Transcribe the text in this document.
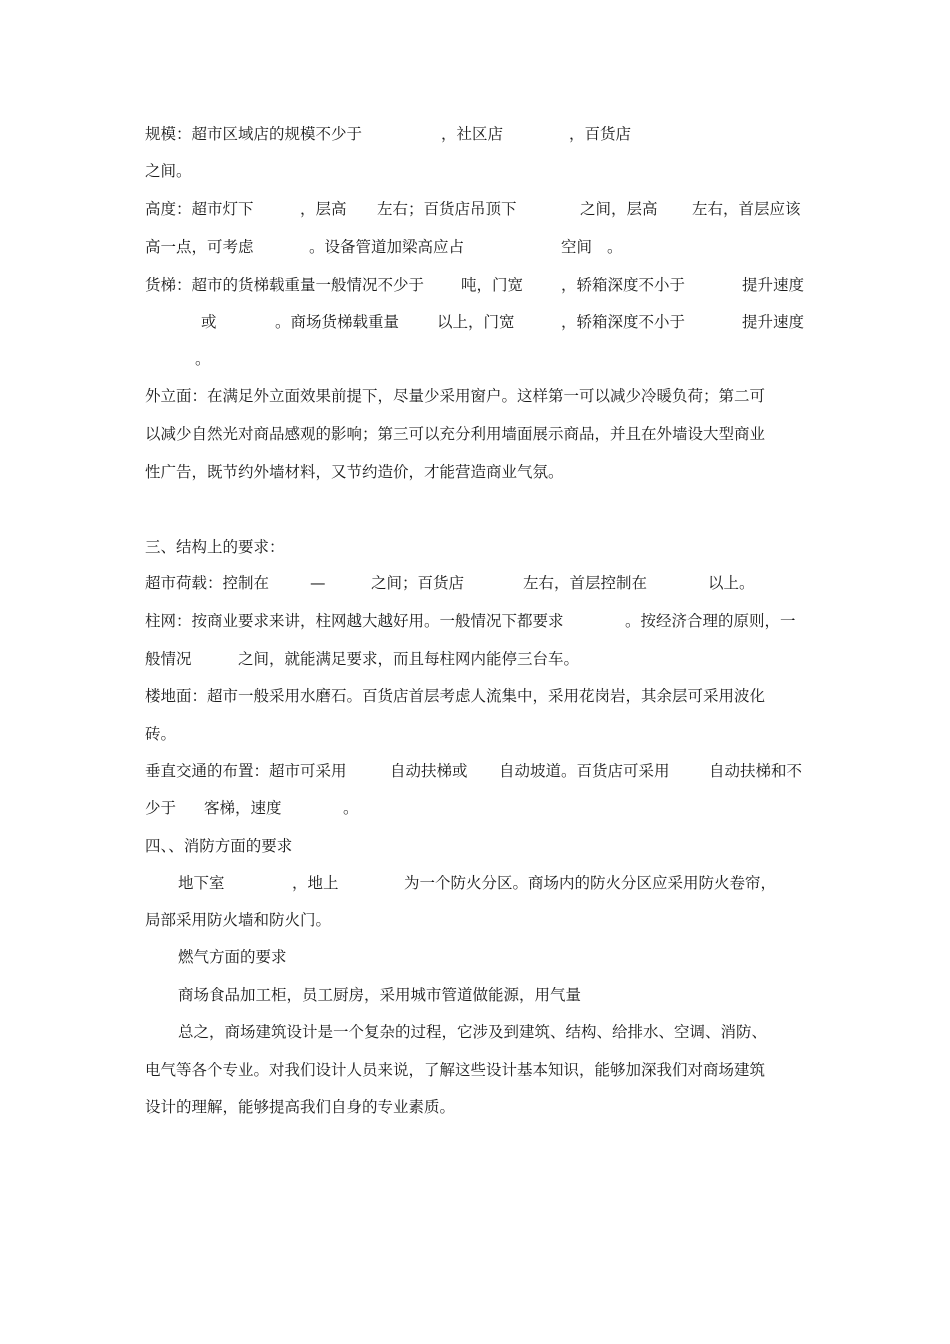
规模：超市区域店的规模不少于	，社区店	，百货店
之间。
高度：超市灯下	，层高 左右；百货店吊顶下	之间，层高 左右，首层应该
高一点，可考虑	。设备管道加梁高应占	空间 。
货梯：超市的货梯载重量一般情况不少于 吨，门宽 ，轿箱深度不小于	提升速度
或	。商场货梯载重量 以上，门宽	，轿箱深度不小于	提升速度
。
外立面：在满足外立面效果前提下，尽量少采用窗户。这样第一可以减少冷暖负荷；第二可
以减少自然光对商品感观的影响；第三可以充分利用墙面展示商品，并且在外墙设大型商业
性广告，既节约外墙材料，又节约造价，才能营造商业气氛。
三、结构上的要求：
超市荷载：控制在	—	之间；百货店	左右，首层控制在	以上。
柱网：按商业要求来讲，柱网越大越好用。一般情况下都要求	。按经济合理的原则，一
般情况	之间，就能满足要求，而且每柱网内能停三台车。
楼地面：超市一般采用水磨石。百货店首层考虑人流集中，采用花岗岩，其余层可采用波化
砖。
垂直交通的布置：超市可采用	自动扶梯或 自动坡道。百货店可采用	自动扶梯和不
少于 客梯，速度	。
四、、消防方面的要求
地下室	，地上	为一个防火分区。商场内的防火分区应采用防火卷帘，
局部采用防火墙和防火门。
燃气方面的要求
商场食品加工柜，员工厨房，采用城市管道做能源，用气量
总之，商场建筑设计是一个复杂的过程，它涉及到建筑、结构、给排水、空调、消防、
电气等各个专业。对我们设计人员来说，了解这些设计基本知识，能够加深我们对商场建筑
设计的理解，能够提高我们自身的专业素质。
